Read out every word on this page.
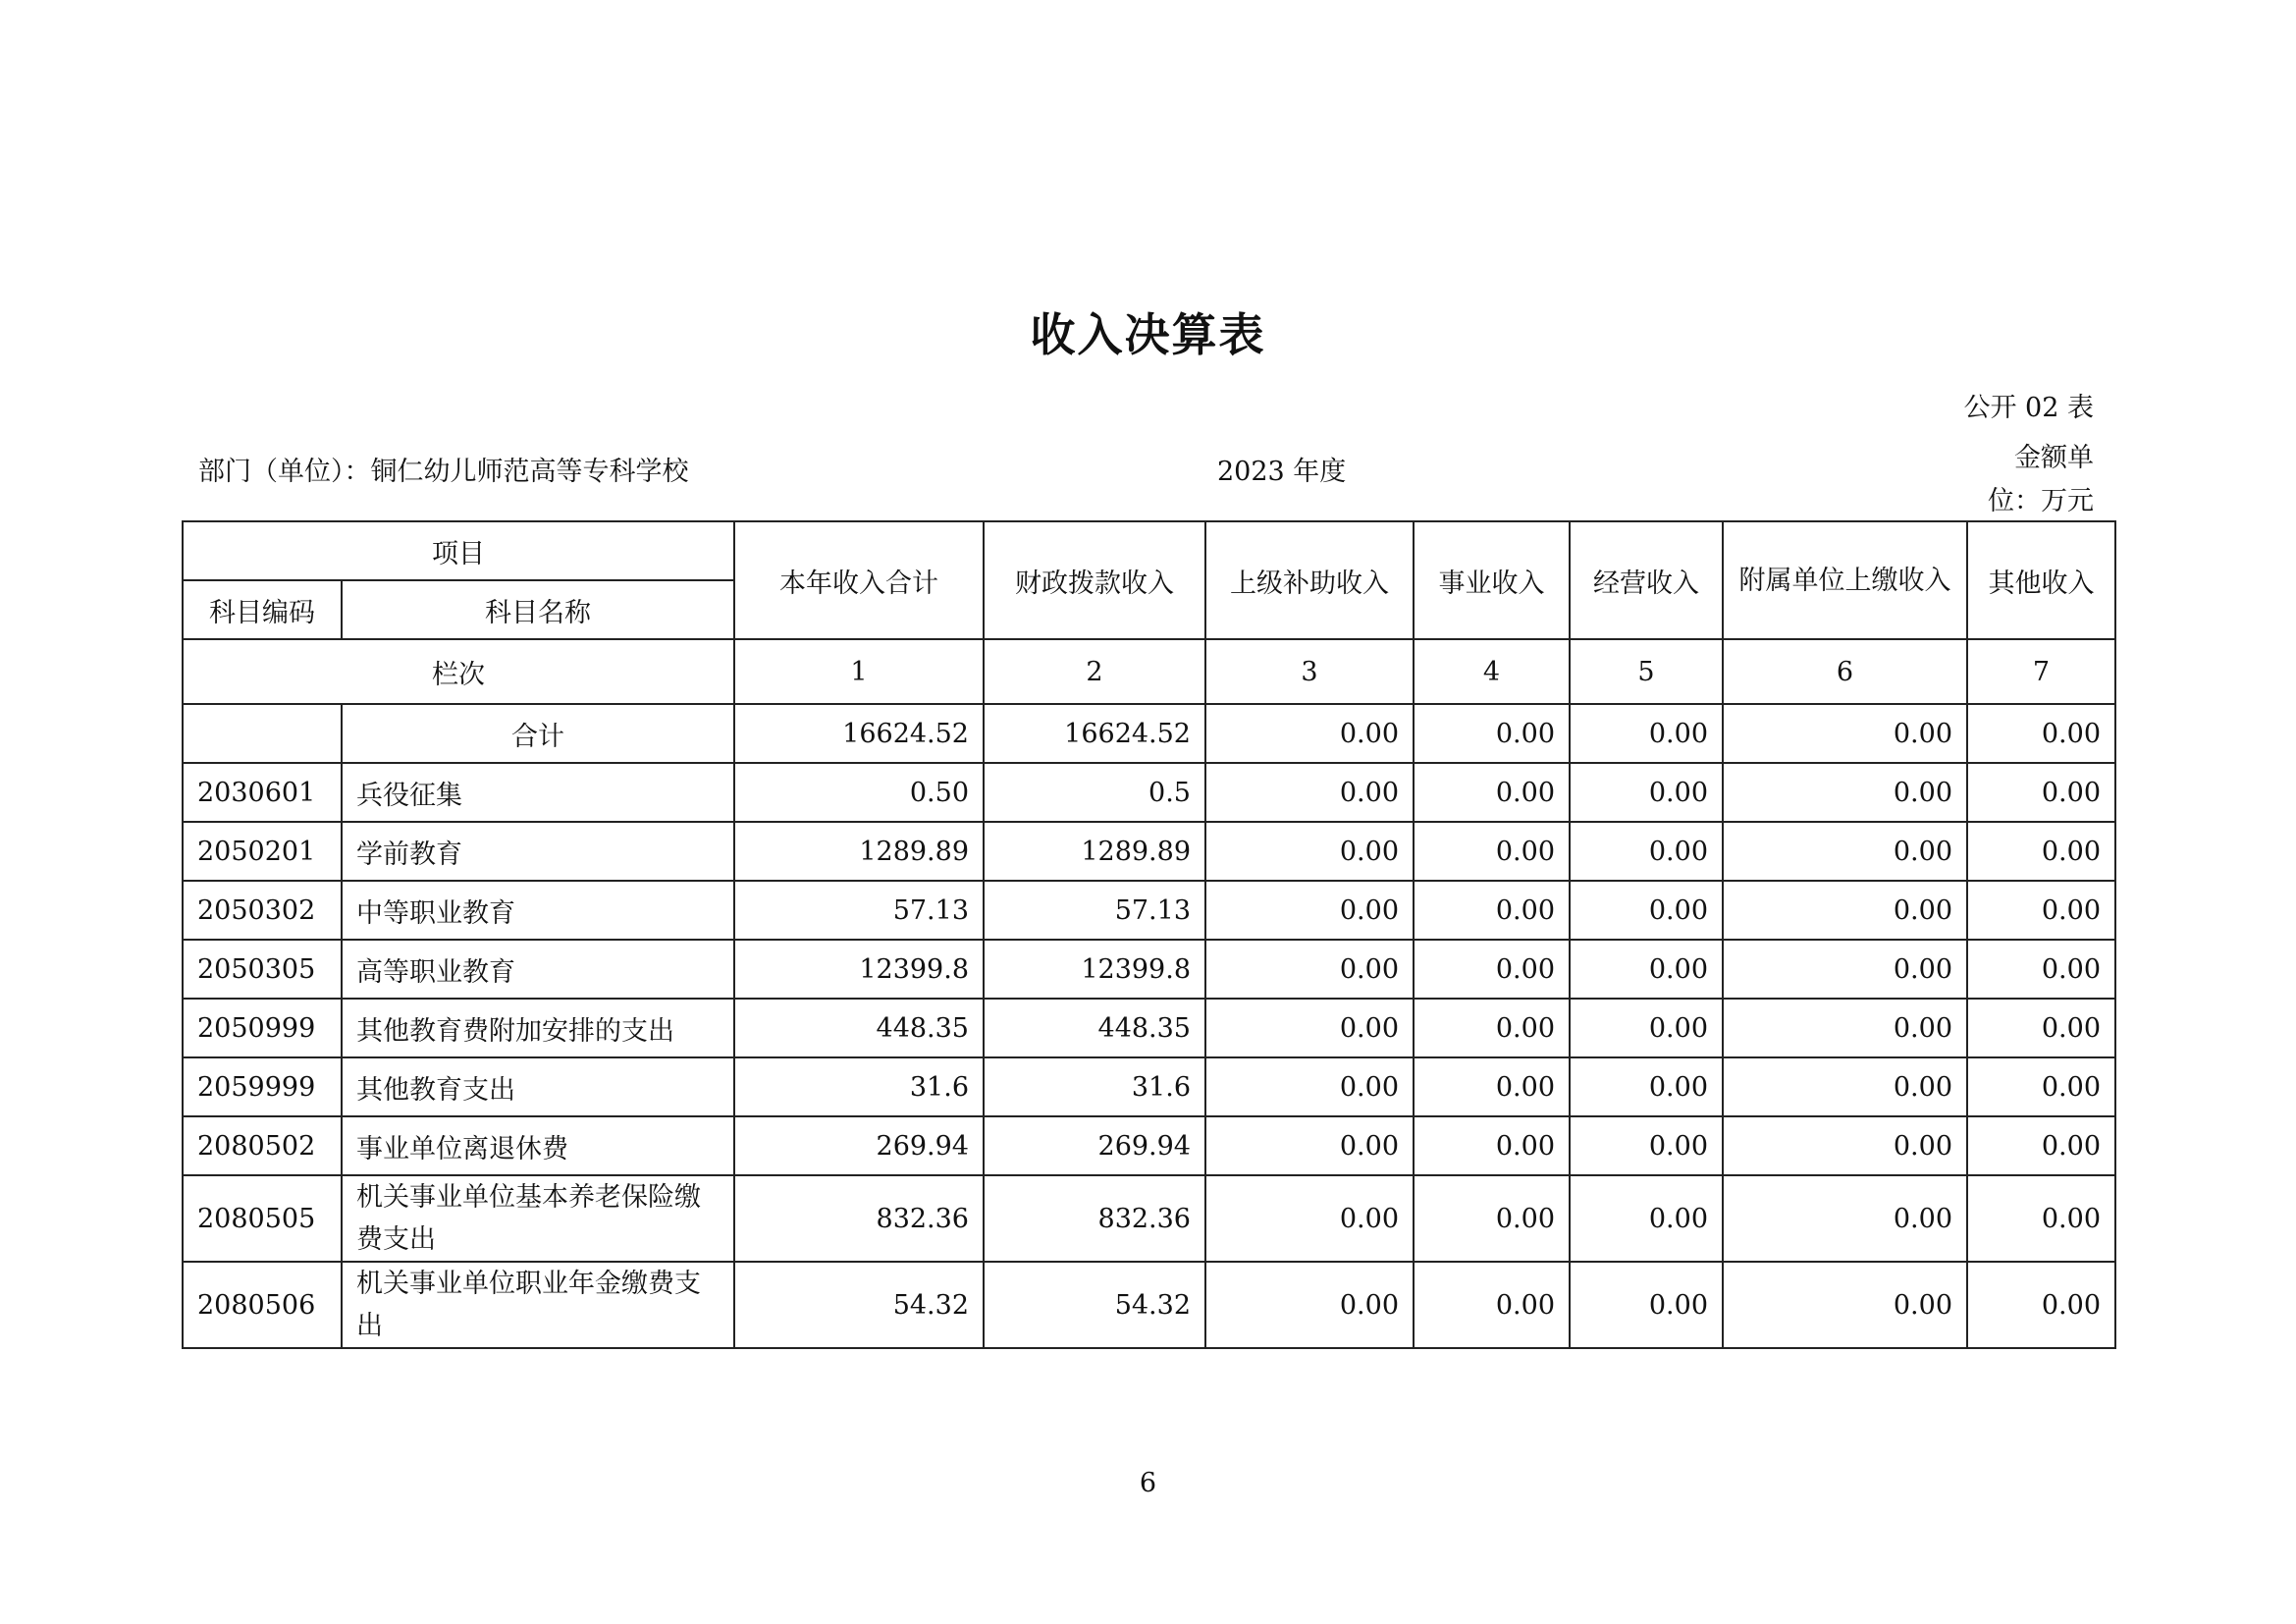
收入决算表
公开 02 表
部门（单位）：铜仁幼儿师范高等专科学校	2023 年度	金额单
位：万元
项目		本年收入合计	财政拨款收入	上级补助收入	事业收入	经营收入	附属单位上缴收入	其他收入
科目编码	科目名称							
栏次		1	2	3	4	5	6	7
	合计	16624.52	16624.52	0.00	0.00	0.00	0.00	0.00
2030601	兵役征集	0.50	0.5	0.00	0.00	0.00	0.00	0.00
2050201	学前教育	1289.89	1289.89	0.00	0.00	0.00	0.00	0.00
2050302	中等职业教育	57.13	57.13	0.00	0.00	0.00	0.00	0.00
2050305	高等职业教育	12399.8	12399.8	0.00	0.00	0.00	0.00	0.00
2050999	其他教育费附加安排的支出	448.35	448.35	0.00	0.00	0.00	0.00	0.00
2059999	其他教育支出	31.6	31.6	0.00	0.00	0.00	0.00	0.00
2080502	事业单位离退休费	269.94	269.94	0.00	0.00	0.00	0.00	0.00
2080505	机关事业单位基本养老保险缴费支出	832.36	832.36	0.00	0.00	0.00	0.00	0.00
2080506	机关事业单位职业年金缴费支出	54.32	54.32	0.00	0.00	0.00	0.00	0.00
6
